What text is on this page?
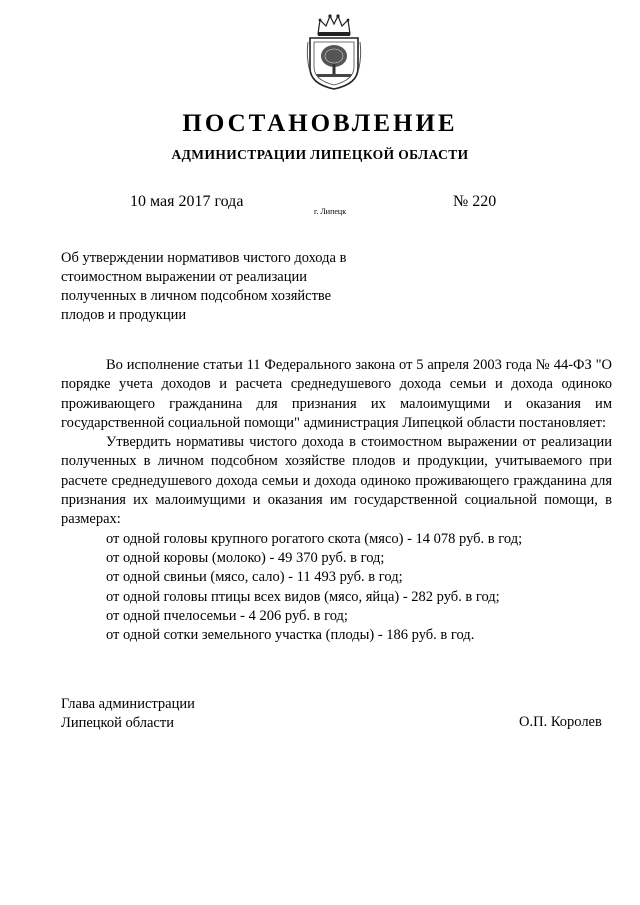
ПОСТАНОВЛЕНИЕ
АДМИНИСТРАЦИИ ЛИПЕЦКОЙ ОБЛАСТИ
10 мая 2017 года
г. Липецк
№ 220
Об утверждении нормативов чистого дохода в стоимостном выражении от реализации полученных в личном подсобном хозяйстве плодов и продукции

Во исполнение статьи 11 Федерального закона от 5 апреля 2003 года № 44-ФЗ "О порядке учета доходов и расчета среднедушевого дохода семьи и дохода одиноко проживающего гражданина для признания их малоимущими и оказания им государственной социальной помощи" администрация Липецкой области постановляет:

Утвердить нормативы чистого дохода в стоимостном выражении от реализации полученных в личном подсобном хозяйстве плодов и продукции, учитываемого при расчете среднедушевого дохода семьи и дохода одиноко проживающего гражданина для признания их малоимущими и оказания им государственной социальной помощи, в размерах:

от одной головы крупного рогатого скота (мясо) - 14 078 руб. в год;
от одной коровы (молоко) - 49 370 руб. в год;
от одной свиньи (мясо, сало) - 11 493 руб. в год;
от одной головы птицы всех видов (мясо, яйца) - 282 руб. в год;
от одной пчелосемьи - 4 206 руб. в год;
от одной сотки земельного участка (плоды) - 186 руб. в год.
Глава администрации
Липецкой области	О.П. Королев
